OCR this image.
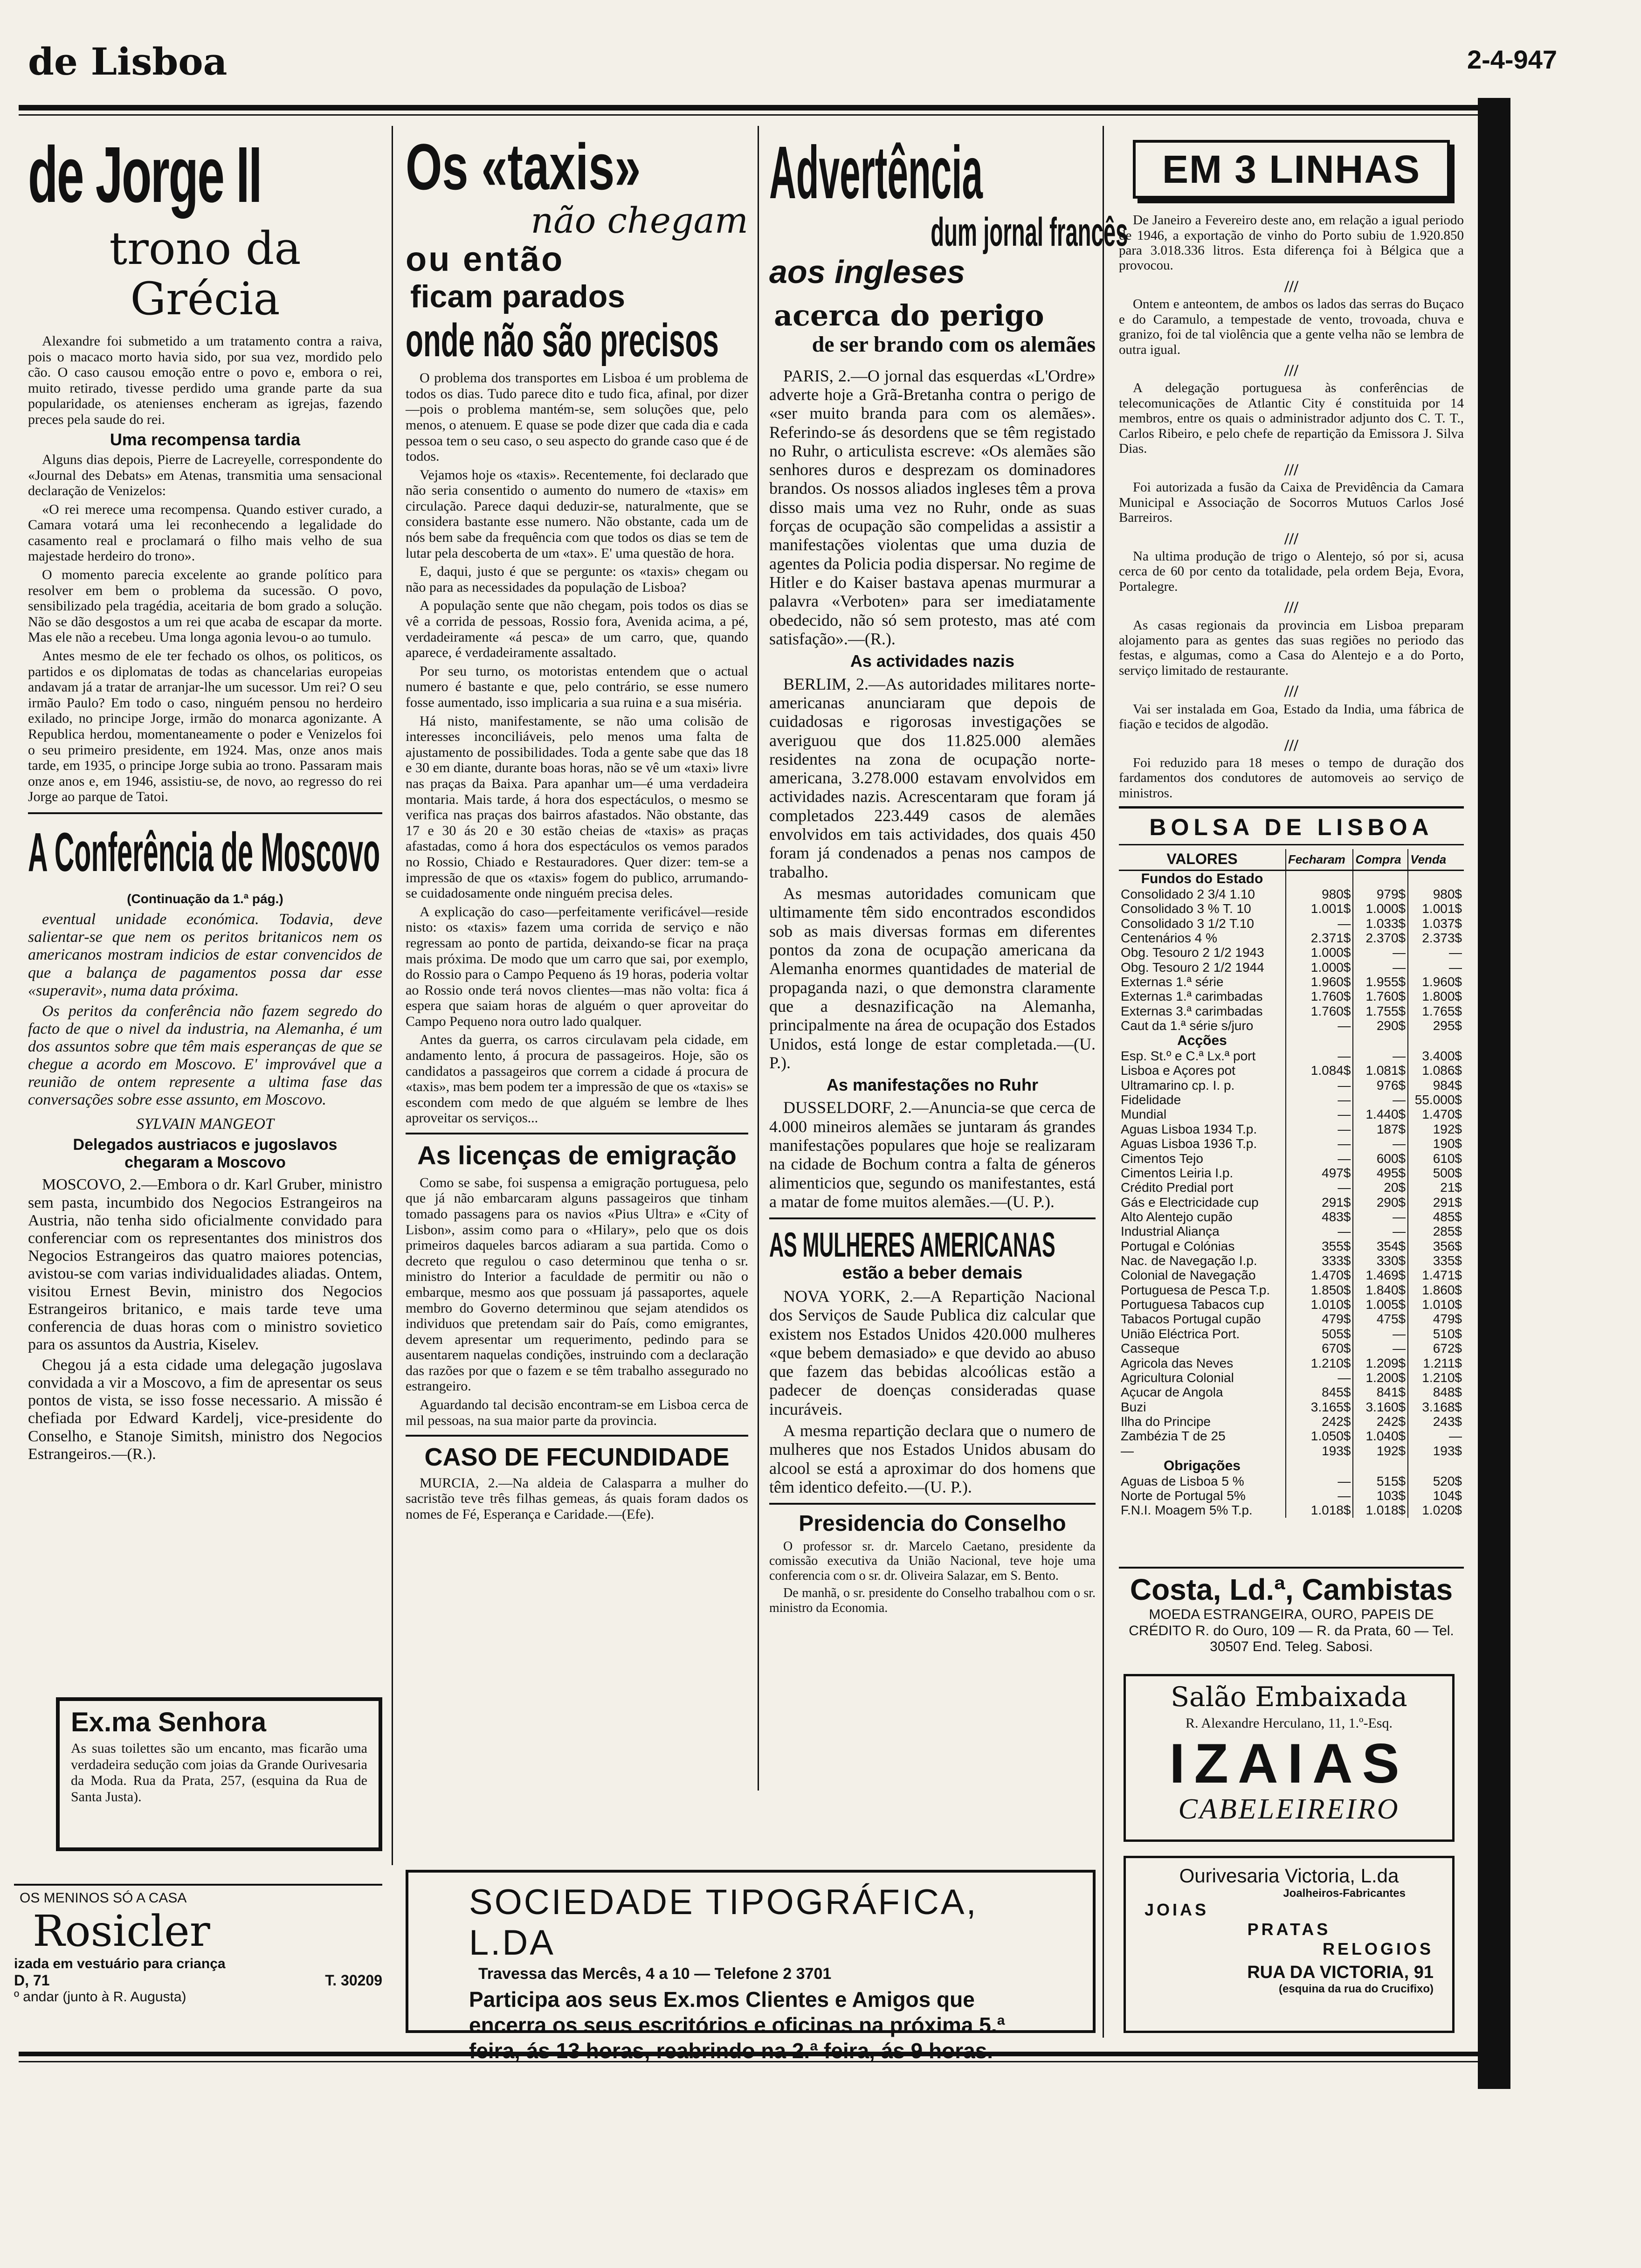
de Lisboa	2-4-947
de Jorge II
trono da Grécia

Alexandre foi submetido a um tratamento contra a raiva, pois o macaco morto havia sido, por sua vez, mordido pelo cão. O caso causou emoção entre o povo e, embora o rei, muito retirado, tivesse perdido uma grande parte da sua popularidade, os atenienses encheram as igrejas, fazendo preces pela saude do rei.

Uma recompensa tardia

Alguns dias depois, Pierre de Lacreyelle, correspondente do «Journal des Debats» em Atenas, transmitia uma sensacional declaração de Venizelos:

«O rei merece uma recompensa. Quando estiver curado, a Camara votará uma lei reconhecendo a legalidade do casamento real e proclamará o filho mais velho de sua majestade herdeiro do trono».

O momento parecia excelente ao grande político para resolver em bem o problema da sucessão. O povo, sensibilizado pela tragédia, aceitaria de bom grado a solução. Não se dão desgostos a um rei que acaba de escapar da morte. Mas ele não a recebeu. Uma longa agonia levou-o ao tumulo.

Antes mesmo de ele ter fechado os olhos, os politicos, os partidos e os diplomatas de todas as chancelarias europeias andavam já a tratar de arranjar-lhe um sucessor. Um rei? O seu irmão Paulo? Em todo o caso, ninguém pensou no herdeiro exilado, no principe Jorge, irmão do monarca agonizante. A Republica herdou, momentaneamente o poder e Venizelos foi o seu primeiro presidente, em 1924. Mas, onze anos mais tarde, em 1935, o principe Jorge subia ao trono. Passaram mais onze anos e, em 1946, assistiu-se, de novo, ao regresso do rei Jorge ao parque de Tatoi.

A Conferência de Moscovo
(Continuação da 1.ª pág.)

eventual unidade económica. Todavia, deve salientar-se que nem os peritos britanicos nem os americanos mostram indicios de estar convencidos de que a balança de pagamentos possa dar esse «superavit», numa data próxima.

Os peritos da conferência não fazem segredo do facto de que o nivel da industria, na Alemanha, é um dos assuntos sobre que têm mais esperanças de que se chegue a acordo em Moscovo. E' improvável que a reunião de ontem represente a ultima fase das conversações sobre esse assunto, em Moscovo.

SYLVAIN MANGEOT
Delegados austriacos e jugoslavos chegaram a Moscovo

MOSCOVO, 2.—Embora o dr. Karl Gruber, ministro sem pasta, incumbido dos Negocios Estrangeiros na Austria, não tenha sido oficialmente convidado para conferenciar com os representantes dos ministros dos Negocios Estrangeiros das quatro maiores potencias, avistou-se com varias individualidades aliadas. Ontem, visitou Ernest Bevin, ministro dos Negocios Estrangeiros britanico, e mais tarde teve uma conferencia de duas horas com o ministro sovietico para os assuntos da Austria, Kiselev.

Chegou já a esta cidade uma delegação jugoslava convidada a vir a Moscovo, a fim de apresentar os seus pontos de vista, se isso fosse necessario. A missão é chefiada por Edward Kardelj, vice-presidente do Conselho, e Stanoje Simitsh, ministro dos Negocios Estrangeiros.—(R.).

Ex.ma Senhora
As suas toilettes são um encanto, mas ficarão uma verdadeira sedução com joias da Grande Ourivesaria da Moda. Rua da Prata, 257, (esquina da Rua de Santa Justa).
OS MENINOS SÓ A CASA
Rosicler
izada em vestuário para criança
D, 71	T. 30209
º andar (junto à R. Augusta)
Os «taxis»
não chegam
ou então
ficam parados
onde não são precisos

O problema dos transportes em Lisboa é um problema de todos os dias. Tudo parece dito e tudo fica, afinal, por dizer—pois o problema mantém-se, sem soluções que, pelo menos, o atenuem. E quase se pode dizer que cada dia e cada pessoa tem o seu caso, o seu aspecto do grande caso que é de todos.

Vejamos hoje os «taxis». Recentemente, foi declarado que não seria consentido o aumento do numero de «taxis» em circulação. Parece daqui deduzir-se, naturalmente, que se considera bastante esse numero. Não obstante, cada um de nós bem sabe da frequência com que todos os dias se tem de lutar pela descoberta de um «tax». E' uma questão de hora.

E, daqui, justo é que se pergunte: os «taxis» chegam ou não para as necessidades da população de Lisboa?

A população sente que não chegam, pois todos os dias se vê a corrida de pessoas, Rossio fora, Avenida acima, a pé, verdadeiramente «á pesca» de um carro, que, quando aparece, é verdadeiramente assaltado.

Por seu turno, os motoristas entendem que o actual numero é bastante e que, pelo contrário, se esse numero fosse aumentado, isso implicaria a sua ruina e a sua miséria.

Há nisto, manifestamente, se não uma colisão de interesses inconciliáveis, pelo menos uma falta de ajustamento de possibilidades. Toda a gente sabe que das 18 e 30 em diante, durante boas horas, não se vê um «taxi» livre nas praças da Baixa. Para apanhar um—é uma verdadeira montaria. Mais tarde, á hora dos espectáculos, o mesmo se verifica nas praças dos bairros afastados. Não obstante, das 17 e 30 ás 20 e 30 estão cheias de «taxis» as praças afastadas, como á hora dos espectáculos os vemos parados no Rossio, Chiado e Restauradores. Quer dizer: tem-se a impressão de que os «taxis» fogem do publico, arrumando-se cuidadosamente onde ninguém precisa deles.

A explicação do caso—perfeitamente verificável—reside nisto: os «taxis» fazem uma corrida de serviço e não regressam ao ponto de partida, deixando-se ficar na praça mais próxima. De modo que um carro que sai, por exemplo, do Rossio para o Campo Pequeno ás 19 horas, poderia voltar ao Rossio onde terá novos clientes—mas não volta: fica á espera que saiam horas de alguém o quer aproveitar do Campo Pequeno nora outro lado qualquer.

Antes da guerra, os carros circulavam pela cidade, em andamento lento, á procura de passageiros. Hoje, são os candidatos a passageiros que correm a cidade á procura de «taxis», mas bem podem ter a impressão de que os «taxis» se escondem com medo de que alguém se lembre de lhes aproveitar os serviços...

As licenças de emigração

Como se sabe, foi suspensa a emigração portuguesa, pelo que já não embarcaram alguns passageiros que tinham tomado passagens para os navios «Pius Ultra» e «City of Lisbon», assim como para o «Hilary», pelo que os dois primeiros daqueles barcos adiaram a sua partida. Como o decreto que regulou o caso determinou que tenha o sr. ministro do Interior a faculdade de permitir ou não o embarque, mesmo aos que possuam já passaportes, aquele membro do Governo determinou que sejam atendidos os individuos que pretendam sair do País, como emigrantes, devem apresentar um requerimento, pedindo para se ausentarem naquelas condições, instruindo com a declaração das razões por que o fazem e se têm trabalho assegurado no estrangeiro.

Aguardando tal decisão encontram-se em Lisboa cerca de mil pessoas, na sua maior parte da provincia.

CASO DE FECUNDIDADE

MURCIA, 2.—Na aldeia de Calasparra a mulher do sacristão teve três filhas gemeas, ás quais foram dados os nomes de Fé, Esperança e Caridade.—(Efe).

Advertência
dum jornal francês
aos ingleses
acerca do perigo
de ser brando com os alemães

PARIS, 2.—O jornal das esquerdas «L'Ordre» adverte hoje a Grã-Bretanha contra o perigo de «ser muito branda para com os alemães». Referindo-se ás desordens que se têm registado no Ruhr, o articulista escreve: «Os alemães são senhores duros e desprezam os dominadores brandos. Os nossos aliados ingleses têm a prova disso mais uma vez no Ruhr, onde as suas forças de ocupação são compelidas a assistir a manifestações violentas que uma duzia de agentes da Policia podia dispersar. No regime de Hitler e do Kaiser bastava apenas murmurar a palavra «Verboten» para ser imediatamente obedecido, não só sem protesto, mas até com satisfação».—(R.).

As actividades nazis

BERLIM, 2.—As autoridades militares norte-americanas anunciaram que depois de cuidadosas e rigorosas investigações se averiguou que dos 11.825.000 alemães residentes na zona de ocupação norte-americana, 3.278.000 estavam envolvidos em actividades nazis. Acrescentaram que foram já completados 223.449 casos de alemães envolvidos em tais actividades, dos quais 450 foram já condenados a penas nos campos de trabalho.

As mesmas autoridades comunicam que ultimamente têm sido encontrados escondidos sob as mais diversas formas em diferentes pontos da zona de ocupação americana da Alemanha enormes quantidades de material de propaganda nazi, o que demonstra claramente que a desnazificação na Alemanha, principalmente na área de ocupação dos Estados Unidos, está longe de estar completada.—(U. P.).

As manifestações no Ruhr

DUSSELDORF, 2.—Anuncia-se que cerca de 4.000 mineiros alemães se juntaram ás grandes manifestações populares que hoje se realizaram na cidade de Bochum contra a falta de géneros alimenticios que, segundo os manifestantes, está a matar de fome muitos alemães.—(U. P.).

AS MULHERES AMERICANAS
estão a beber demais

NOVA YORK, 2.—A Repartição Nacional dos Serviços de Saude Publica diz calcular que existem nos Estados Unidos 420.000 mulheres «que bebem demasiado» e que devido ao abuso que fazem das bebidas alcoólicas estão a padecer de doenças consideradas quase incuráveis.

A mesma repartição declara que o numero de mulheres que nos Estados Unidos abusam do alcool se está a aproximar do dos homens que têm identico defeito.—(U. P.).

Presidencia do Conselho

O professor sr. dr. Marcelo Caetano, presidente da comissão executiva da União Nacional, teve hoje uma conferencia com o sr. dr. Oliveira Salazar, em S. Bento.

De manhã, o sr. presidente do Conselho trabalhou com o sr. ministro da Economia.

EM 3 LINHAS

De Janeiro a Fevereiro deste ano, em relação a igual periodo de 1946, a exportação de vinho do Porto subiu de 1.920.850 para 3.018.336 litros. Esta diferença foi à Bélgica que a provocou.

///

Ontem e anteontem, de ambos os lados das serras do Buçaco e do Caramulo, a tempestade de vento, trovoada, chuva e granizo, foi de tal violência que a gente velha não se lembra de outra igual.

///

A delegação portuguesa às conferências de telecomunicações de Atlantic City é constituida por 14 membros, entre os quais o administrador adjunto dos C. T. T., Carlos Ribeiro, e pelo chefe de repartição da Emissora J. Silva Dias.

///

Foi autorizada a fusão da Caixa de Previdência da Camara Municipal e Associação de Socorros Mutuos Carlos José Barreiros.

///

Na ultima produção de trigo o Alentejo, só por si, acusa cerca de 60 por cento da totalidade, pela ordem Beja, Evora, Portalegre.

///

As casas regionais da provincia em Lisboa preparam alojamento para as gentes das suas regiões no periodo das festas, e algumas, como a Casa do Alentejo e a do Porto, serviço limitado de restaurante.

///

Vai ser instalada em Goa, Estado da India, uma fábrica de fiação e tecidos de algodão.

///

Foi reduzido para 18 meses o tempo de duração dos fardamentos dos condutores de automoveis ao serviço de ministros.

BOLSA DE LISBOA
VALORES	Fecharam	Compra	Venda
Fundos do Estado			
Consolidado 2 3/4 1.10	980$	979$	980$
Consolidado 3 % T. 10	1.001$	1.000$	1.001$
Consolidado 3 1/2 T.10	—	1.033$	1.037$
Centenários 4 %	2.371$	2.370$	2.373$
Obg. Tesouro 2 1/2 1943	1.000$	—	—
Obg. Tesouro 2 1/2 1944	1.000$	—	—
Externas 1.ª série	1.960$	1.955$	1.960$
Externas 1.ª carimbadas	1.760$	1.760$	1.800$
Externas 3.ª carimbadas	1.760$	1.755$	1.765$
Caut da 1.ª série s/juro	—	290$	295$
Acções			
Esp. St.º e C.ª Lx.ª port	—	—	3.400$
Lisboa e Açores pot	1.084$	1.081$	1.086$
Ultramarino cp. I. p.	—	976$	984$
Fidelidade	—	—	55.000$
Mundial	—	1.440$	1.470$
Aguas Lisboa 1934 T.p.	—	187$	192$
Aguas Lisboa 1936 T.p.	—	—	190$
Cimentos Tejo	—	600$	610$
Cimentos Leiria I.p.	497$	495$	500$
Crédito Predial port	—	20$	21$
Gás e Electricidade cup	291$	290$	291$
Alto Alentejo cupão	483$	—	485$
Industrial Aliança	—	—	285$
Portugal e Colónias	355$	354$	356$
Nac. de Navegação I.p.	333$	330$	335$
Colonial de Navegação	1.470$	1.469$	1.471$
Portuguesa de Pesca T.p.	1.850$	1.840$	1.860$
Portuguesa Tabacos cup	1.010$	1.005$	1.010$
Tabacos Portugal cupão	479$	475$	479$
União Eléctrica Port.	505$	—	510$
Casseque	670$	—	672$
Agricola das Neves	1.210$	1.209$	1.211$
Agricultura Colonial	—	1.200$	1.210$
Açucar de Angola	845$	841$	848$
Buzi	3.165$	3.160$	3.168$
Ilha do Principe	242$	242$	243$
Zambézia T de 25	1.050$	1.040$	—
—	193$	192$	193$
Obrigações			
Aguas de Lisboa 5 %	—	515$	520$
Norte de Portugal 5%	—	103$	104$
F.N.I. Moagem 5% T.p.	1.018$	1.018$	1.020$
Costa, Ld.ª, Cambistas
MOEDA ESTRANGEIRA, OURO, PAPEIS DE CRÉDITO R. do Ouro, 109 — R. da Prata, 60 — Tel. 30507 End. Teleg. Sabosi.
Salão Embaixada
R. Alexandre Herculano, 11, 1.º-Esq.
IZAIAS
CABELEIREIRO
Ourivesaria Victoria, L.da
Joalheiros-Fabricantes
JOIAS
PRATAS
RELOGIOS
RUA DA VICTORIA, 91
(esquina da rua do Crucifixo)
SOCIEDADE TIPOGRÁFICA, L.DA
Travessa das Mercês, 4 a 10 — Telefone 2 3701
Participa aos seus Ex.mos Clientes e Amigos que encerra os seus escritórios e oficinas na próxima 5.ª feira, ás 13 horas, reabrindo na 2.ª feira, ás 9 horas.
